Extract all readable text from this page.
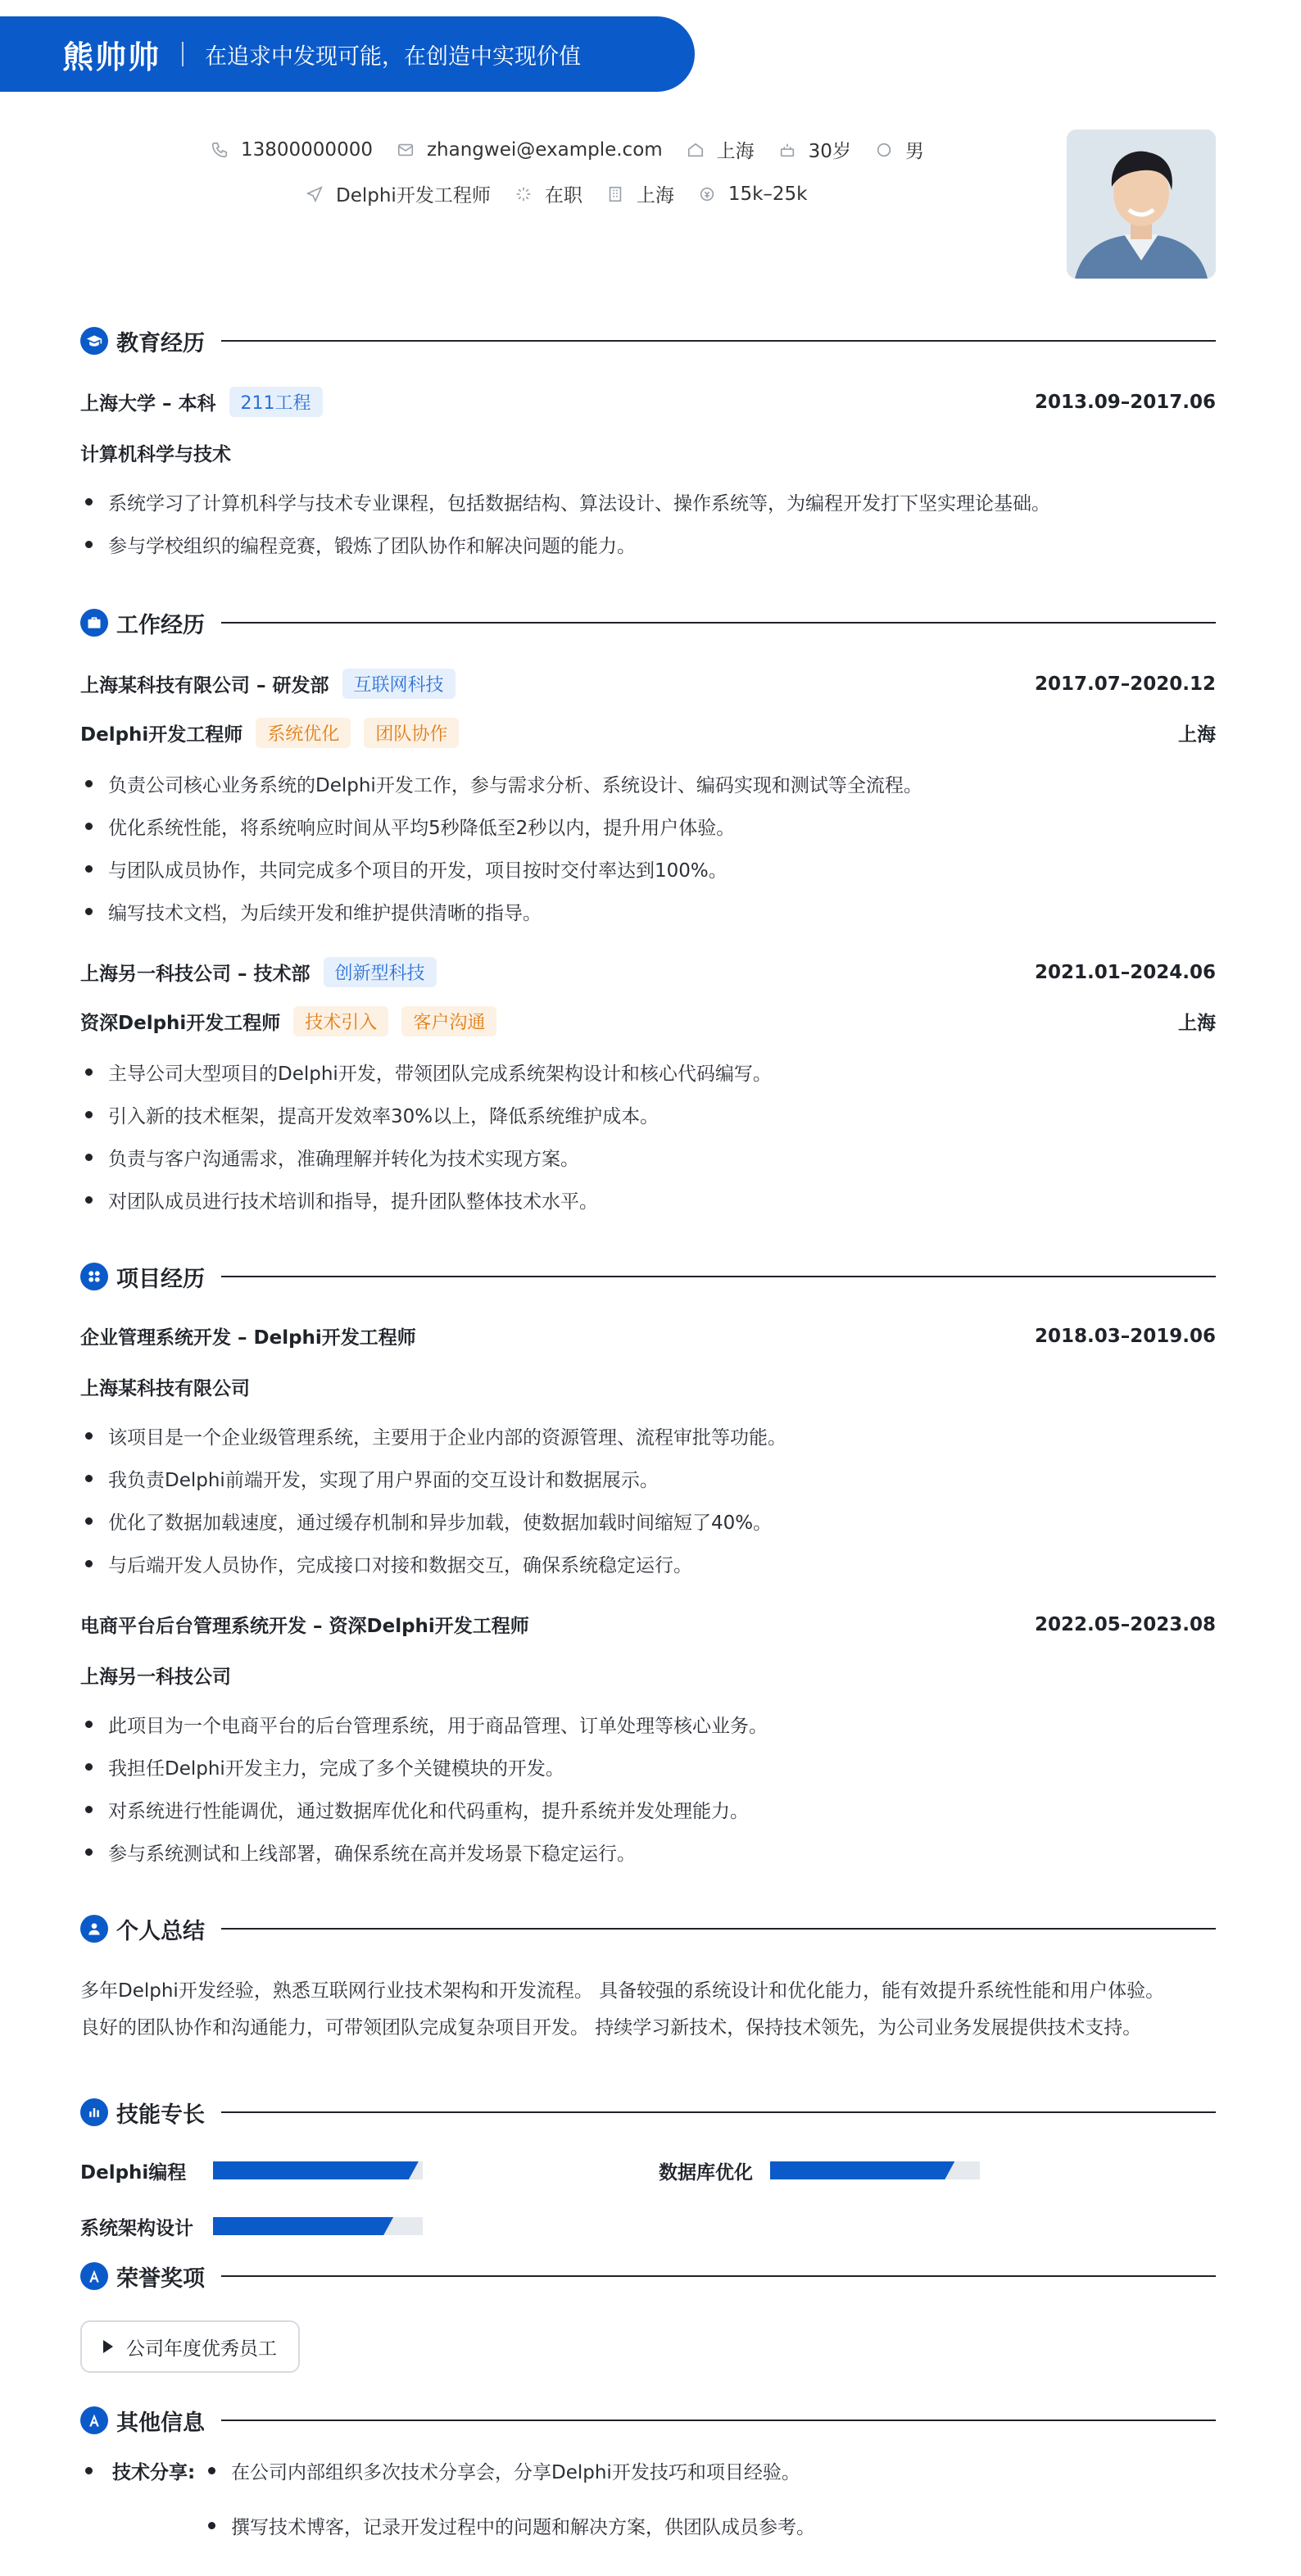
熊帅帅 在追求中发现可能，在创造中实现价值
13800000000	zhangwei@example.com	上海	30岁	男
Delphi开发工程师	在职	上海	15k–25k
教育经历
上海大学 – 本科	211工程	2013.09–2017.06
计算机科学与技术
系统学习了计算机科学与技术专业课程，包括数据结构、算法设计、操作系统等，为编程开发打下坚实理论基础。
参与学校组织的编程竞赛，锻炼了团队协作和解决问题的能力。
工作经历
上海某科技有限公司 – 研发部	互联网科技	2017.07–2020.12
Delphi开发工程师	系统优化	团队协作	上海
负责公司核心业务系统的Delphi开发工作，参与需求分析、系统设计、编码实现和测试等全流程。
优化系统性能，将系统响应时间从平均5秒降低至2秒以内，提升用户体验。
与团队成员协作，共同完成多个项目的开发，项目按时交付率达到100%。
编写技术文档，为后续开发和维护提供清晰的指导。
上海另一科技公司 – 技术部	创新型科技	2021.01–2024.06
资深Delphi开发工程师	技术引入	客户沟通	上海
主导公司大型项目的Delphi开发，带领团队完成系统架构设计和核心代码编写。
引入新的技术框架，提高开发效率30%以上，降低系统维护成本。
负责与客户沟通需求，准确理解并转化为技术实现方案。
对团队成员进行技术培训和指导，提升团队整体技术水平。
项目经历
企业管理系统开发 – Delphi开发工程师	2018.03–2019.06
上海某科技有限公司
该项目是一个企业级管理系统，主要用于企业内部的资源管理、流程审批等功能。
我负责Delphi前端开发，实现了用户界面的交互设计和数据展示。
优化了数据加载速度，通过缓存机制和异步加载，使数据加载时间缩短了40%。
与后端开发人员协作，完成接口对接和数据交互，确保系统稳定运行。
电商平台后台管理系统开发 – 资深Delphi开发工程师	2022.05–2023.08
上海另一科技公司
此项目为一个电商平台的后台管理系统，用于商品管理、订单处理等核心业务。
我担任Delphi开发主力，完成了多个关键模块的开发。
对系统进行性能调优，通过数据库优化和代码重构，提升系统并发处理能力。
参与系统测试和上线部署，确保系统在高并发场景下稳定运行。
个人总结
多年Delphi开发经验，熟悉互联网行业技术架构和开发流程。 具备较强的系统设计和优化能力，能有效提升系统性能和用户体验。
良好的团队协作和沟通能力，可带领团队完成复杂项目开发。 持续学习新技术，保持技术领先，为公司业务发展提供技术支持。
技能专长
Delphi编程	数据库优化
系统架构设计
荣誉奖项
公司年度优秀员工
其他信息
技术分享:	在公司内部组织多次技术分享会，分享Delphi开发技巧和项目经验。
撰写技术博客，记录开发过程中的问题和解决方案，供团队成员参考。
